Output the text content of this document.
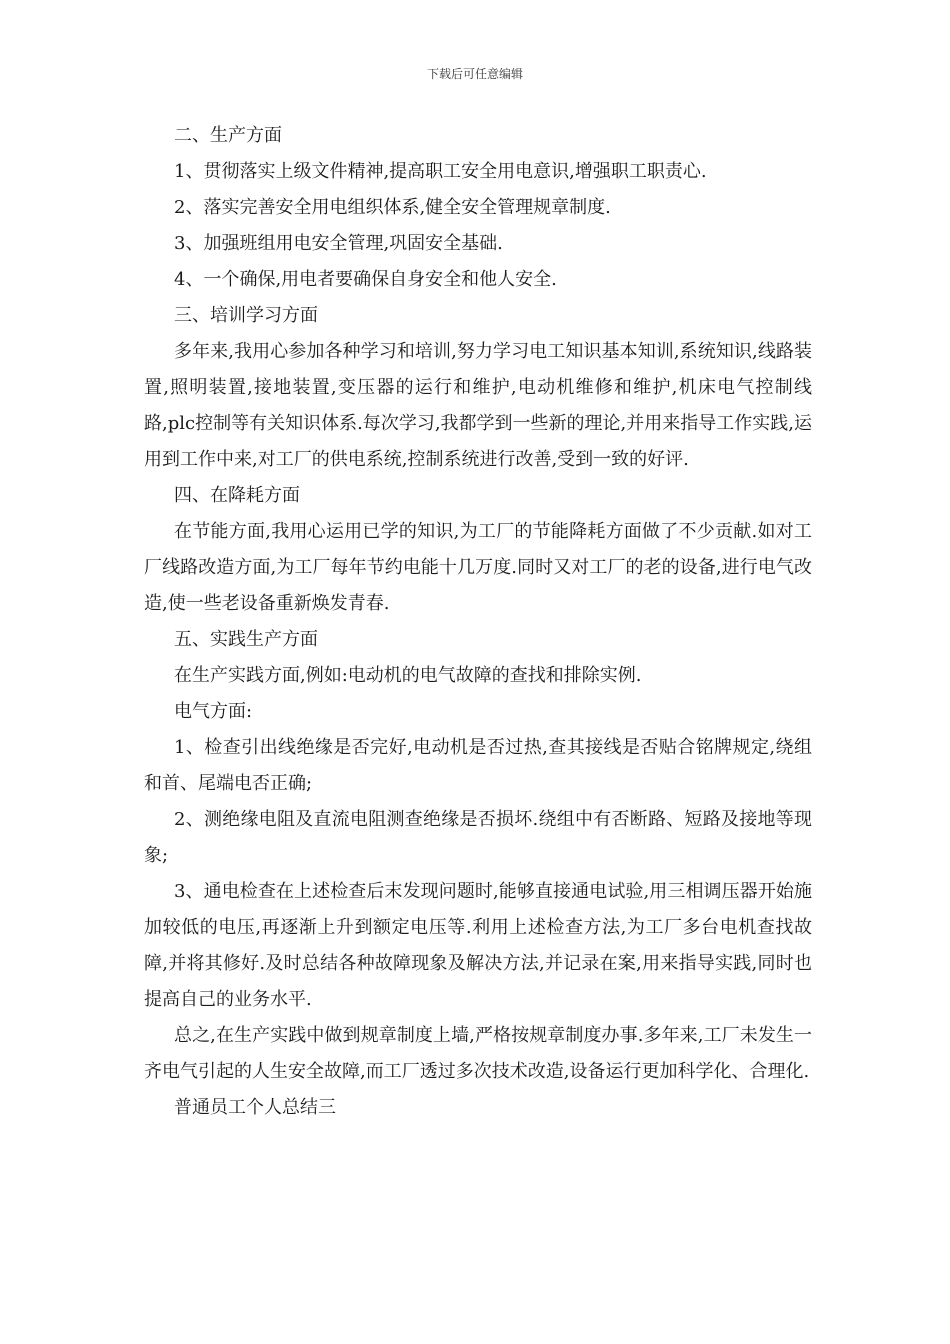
下载后可任意编辑

二、生产方面

1、贯彻落实上级文件精神,提高职工安全用电意识,增强职工职责心.

2、落实完善安全用电组织体系,健全安全管理规章制度.

3、加强班组用电安全管理,巩固安全基础.

4、一个确保,用电者要确保自身安全和他人安全.

三、培训学习方面

多年来,我用心参加各种学习和培训,努力学习电工知识基本知训,系统知识,线路装置,照明装置,接地装置,变压器的运行和维护,电动机维修和维护,机床电气控制线路,plc控制等有关知识体系.每次学习,我都学到一些新的理论,并用来指导工作实践,运用到工作中来,对工厂的供电系统,控制系统进行改善,受到一致的好评.

四、在降耗方面

在节能方面,我用心运用已学的知识,为工厂的节能降耗方面做了不少贡献.如对工厂线路改造方面,为工厂每年节约电能十几万度.同时又对工厂的老的设备,进行电气改造,使一些老设备重新焕发青春.

五、实践生产方面

在生产实践方面,例如:电动机的电气故障的查找和排除实例.

电气方面:

1、检查引出线绝缘是否完好,电动机是否过热,查其接线是否贴合铭牌规定,绕组和首、尾端电否正确;

2、测绝缘电阻及直流电阻测查绝缘是否损坏.绕组中有否断路、短路及接地等现象;

3、通电检查在上述检查后末发现问题时,能够直接通电试验,用三相调压器开始施加较低的电压,再逐渐上升到额定电压等.利用上述检查方法,为工厂多台电机查找故障,并将其修好.及时总结各种故障现象及解决方法,并记录在案,用来指导实践,同时也提高自己的业务水平.

总之,在生产实践中做到规章制度上墙,严格按规章制度办事.多年来,工厂未发生一齐电气引起的人生安全故障,而工厂透过多次技术改造,设备运行更加科学化、合理化.

普通员工个人总结三
